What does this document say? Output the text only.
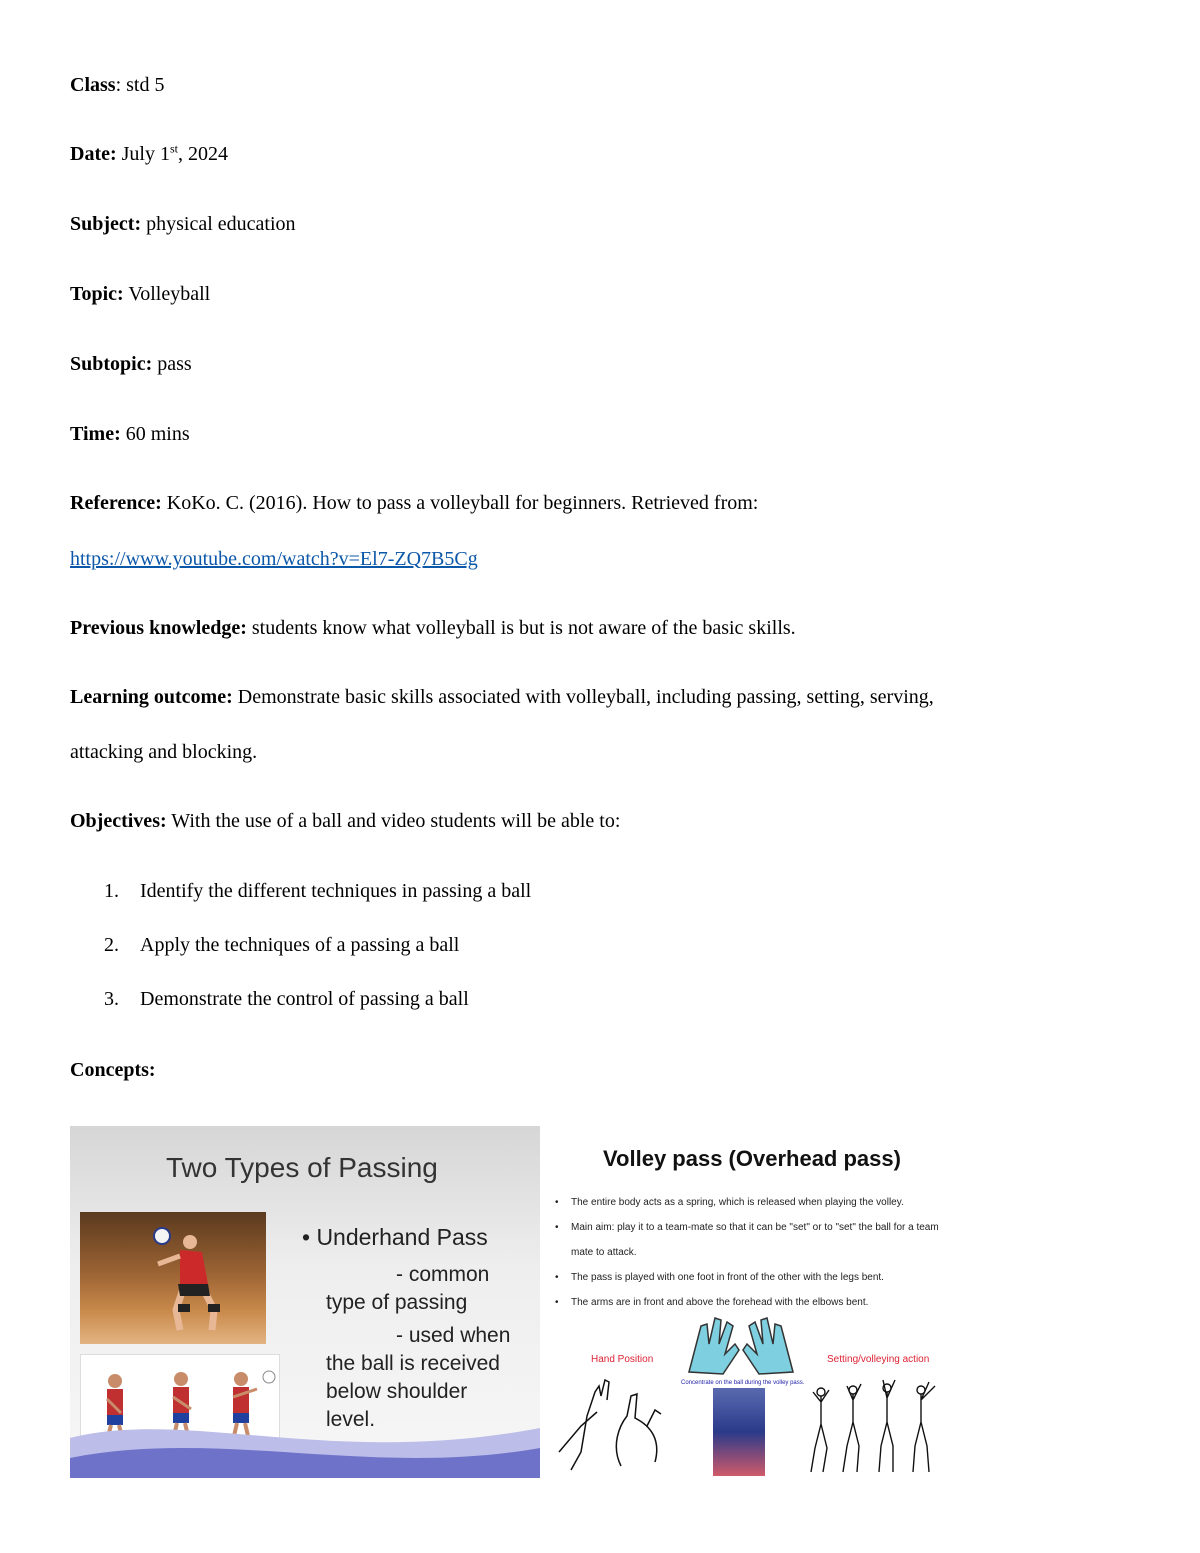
Class: std 5
Date: July 1st, 2024
Subject: physical education
Topic: Volleyball
Subtopic: pass
Time: 60 mins
Reference: KoKo. C. (2016). How to pass a volleyball for beginners. Retrieved from:
https://www.youtube.com/watch?v=El7-ZQ7B5Cg
Previous knowledge: students know what volleyball is but is not aware of the basic skills.
Learning outcome: Demonstrate basic skills associated with volleyball, including passing, setting, serving,
attacking and blocking.
Objectives: With the use of a ball and video students will be able to:
1. Identify the different techniques in passing a ball
2. Apply the techniques of a passing a ball
3. Demonstrate the control of passing a ball
Concepts:
Two Types of Passing
• Underhand Pass
- common
type of passing
- used when
the ball is received
below shoulder
level.
Volley pass (Overhead pass)
• The entire body acts as a spring, which is released when playing the volley.
• Main aim: play it to a team-mate so that it can be "set" or to "set" the ball for a team mate to attack.
• The pass is played with one foot in front of the other with the legs bent.
• The arms are in front and above the forehead with the elbows bent.
Hand Position	Setting/volleying action
Concentrate on the ball during the volley pass.
